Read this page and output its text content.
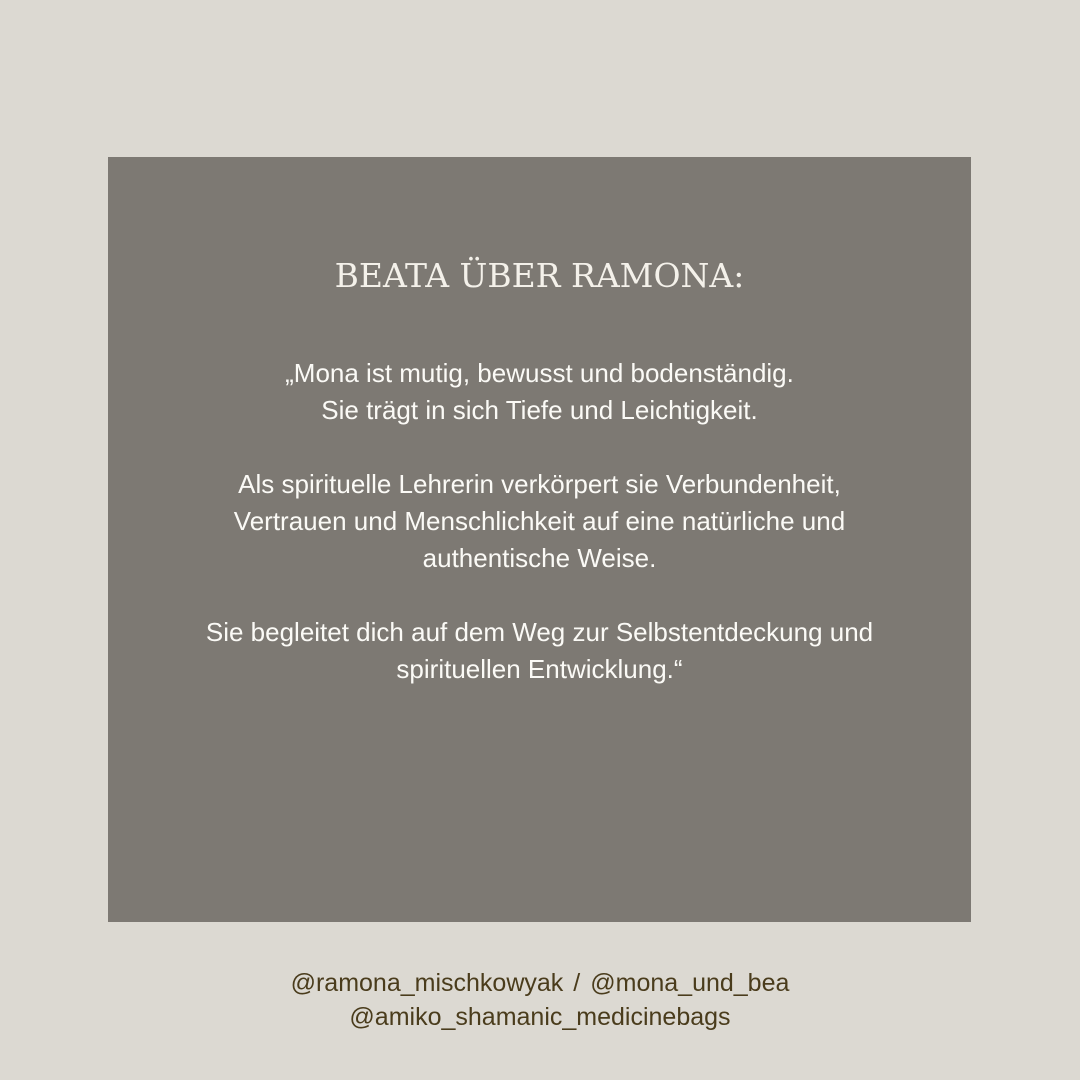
BEATA ÜBER RAMONA:

„Mona ist mutig, bewusst und bodenständig.
Sie trägt in sich Tiefe und Leichtigkeit.

Als spirituelle Lehrerin verkörpert sie Verbundenheit,
Vertrauen und Menschlichkeit auf eine natürliche und
authentische Weise.

Sie begleitet dich auf dem Weg zur Selbstentdeckung und
spirituellen Entwicklung.“

@ramona_mischkowyak / @mona_und_bea
@amiko_shamanic_medicinebags
